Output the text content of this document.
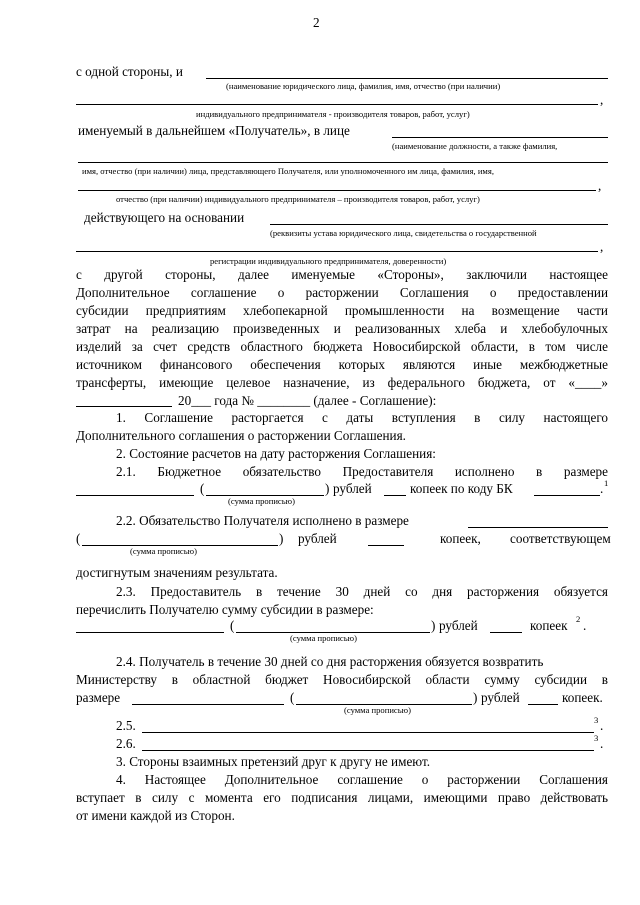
2
с одной стороны, и
(наименование юридического лица, фамилия, имя, отчество (при наличии)
,
индивидуального предпринимателя - производителя товаров, работ, услуг)
именуемый в дальнейшем «Получатель», в лице
(наименование должности, а также фамилия,
имя, отчество (при наличии) лица, представляющего Получателя, или уполномоченного им лица, фамилия, имя,
,
отчество (при наличии) индивидуального предпринимателя – производителя товаров, работ, услуг)
действующего на основании
(реквизиты устава юридического лица, свидетельства о государственной
,
регистрации индивидуального предпринимателя, доверенности)
с другой стороны, далее именуемые «Стороны», заключили настоящее
Дополнительное соглашение о расторжении Соглашения о предоставлении
субсидии предприятиям хлебопекарной промышленности на возмещение части
затрат на реализацию произведенных и реализованных хлеба и хлебобулочных
изделий за счет средств областного бюджета Новосибирской области, в том числе
источником финансового обеспечения которых являются иные межбюджетные
трансферты, имеющие целевое назначение, из федерального бюджета, от «____»
20___ года № ________ (далее - Соглашение):
1. Соглашение расторгается с даты вступления в силу настоящего
Дополнительного соглашения о расторжении Соглашения.
2. Состояние расчетов на дату расторжения Соглашения:
2.1. Бюджетное обязательство Предоставителя исполнено в размере
(	) рублей	копеек по коду БК	. 1
(сумма прописью)
2.2. Обязательство Получателя исполнено в размере
(	) рублей	копеек, соответствующем
(сумма прописью)
достигнутым значениям результата.
2.3. Предоставитель в течение 30 дней со дня расторжения обязуется
перечислить Получателю сумму субсидии в размере:
(	) рублей	копеек 2 .
(сумма прописью)
2.4. Получатель в течение 30 дней со дня расторжения обязуется возвратить
Министерству в областной бюджет Новосибирской области сумму субсидии в
размере	(	) рублей	копеек.
(сумма прописью)
2.5.	3 .
2.6.	3 .
3. Стороны взаимных претензий друг к другу не имеют.
4. Настоящее Дополнительное соглашение о расторжении Соглашения
вступает в силу с момента его подписания лицами, имеющими право действовать
от имени каждой из Сторон.
